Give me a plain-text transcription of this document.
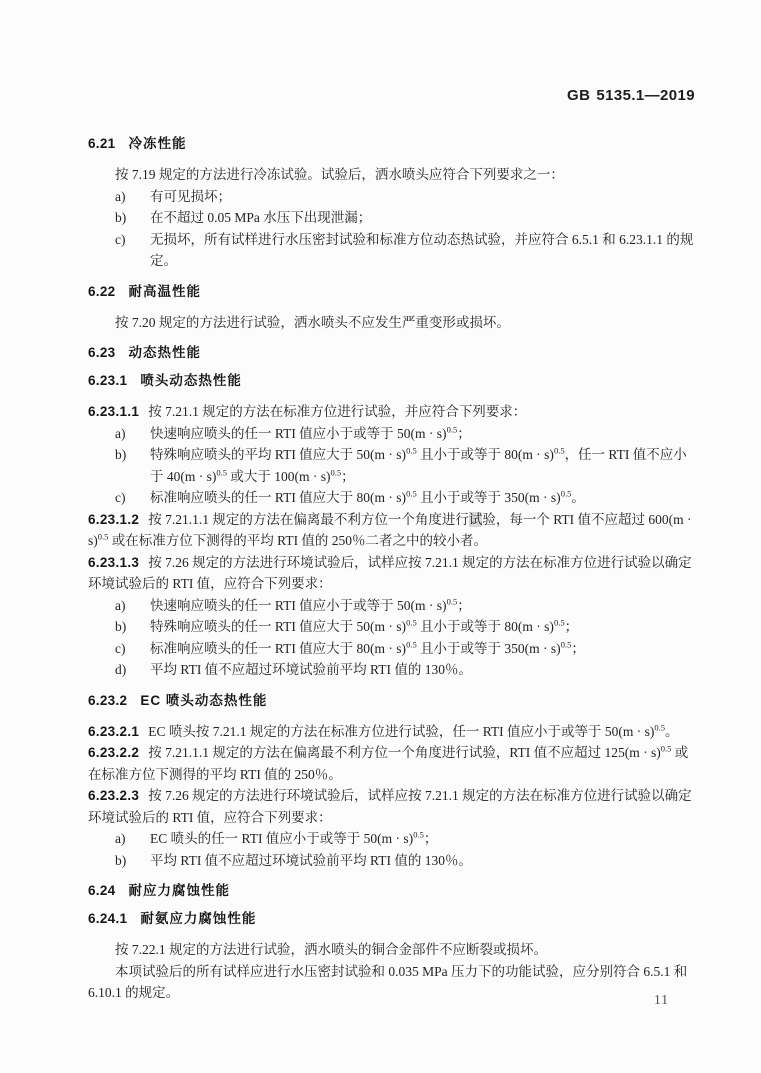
GB 5135.1—2019
6.21 冷冻性能

按 7.19 规定的方法进行冷冻试验。试验后，洒水喷头应符合下列要求之一：

a)	有可见损坏；
b)	在不超过 0.05 MPa 水压下出现泄漏；
c)	无损坏，所有试样进行水压密封试验和标准方位动态热试验，并应符合 6.5.1 和 6.23.1.1 的规定。
6.22 耐高温性能

按 7.20 规定的方法进行试验，洒水喷头不应发生严重变形或损坏。

6.23 动态热性能
6.23.1 喷头动态热性能

6.23.1.1 按 7.21.1 规定的方法在标准方位进行试验，并应符合下列要求：

a)	快速响应喷头的任一 RTI 值应小于或等于 $50(m \cdot s)^{0.5}$；
b)	特殊响应喷头的平均 RTI 值应大于 $50(m \cdot s)^{0.5}$ 且小于或等于 $80(m \cdot s)^{0.5}$，任一 RTI 值不应小于 $40(m \cdot s)^{0.5}$ 或大于 $100(m \cdot s)^{0.5}$；
c)	标准响应喷头的任一 RTI 值应大于 $80(m \cdot s)^{0.5}$ 且小于或等于 $350(m \cdot s)^{0.5}$。

6.23.1.2 按 7.21.1.1 规定的方法在偏离最不利方位一个角度进行试验，每一个 RTI 值不应超过 $600(m \cdot s)^{0.5}$ 或在标准方位下测得的平均 RTI 值的 250％二者之中的较小者。

6.23.1.3 按 7.26 规定的方法进行环境试验后，试样应按 7.21.1 规定的方法在标准方位进行试验以确定环境试验后的 RTI 值，应符合下列要求：

a)	快速响应喷头的任一 RTI 值应小于或等于 $50(m \cdot s)^{0.5}$；
b)	特殊响应喷头的任一 RTI 值应大于 $50(m \cdot s)^{0.5}$ 且小于或等于 $80(m \cdot s)^{0.5}$；
c)	标准响应喷头的任一 RTI 值应大于 $80(m \cdot s)^{0.5}$ 且小于或等于 $350(m \cdot s)^{0.5}$；
d)	平均 RTI 值不应超过环境试验前平均 RTI 值的 130％。
6.23.2 EC 喷头动态热性能

6.23.2.1 EC 喷头按 7.21.1 规定的方法在标准方位进行试验，任一 RTI 值应小于或等于 $50(m \cdot s)^{0.5}$。

6.23.2.2 按 7.21.1.1 规定的方法在偏离最不利方位一个角度进行试验，RTI 值不应超过 $125(m \cdot s)^{0.5}$ 或在标准方位下测得的平均 RTI 值的 250％。

6.23.2.3 按 7.26 规定的方法进行环境试验后，试样应按 7.21.1 规定的方法在标准方位进行试验以确定环境试验后的 RTI 值，应符合下列要求：

a)	EC 喷头的任一 RTI 值应小于或等于 $50(m \cdot s)^{0.5}$；
b)	平均 RTI 值不应超过环境试验前平均 RTI 值的 130％。
6.24 耐应力腐蚀性能
6.24.1 耐氨应力腐蚀性能

按 7.22.1 规定的方法进行试验，洒水喷头的铜合金部件不应断裂或损坏。

本项试验后的所有试样应进行水压密封试验和 0.035 MPa 压力下的功能试验，应分别符合 6.5.1 和 6.10.1 的规定。	11
